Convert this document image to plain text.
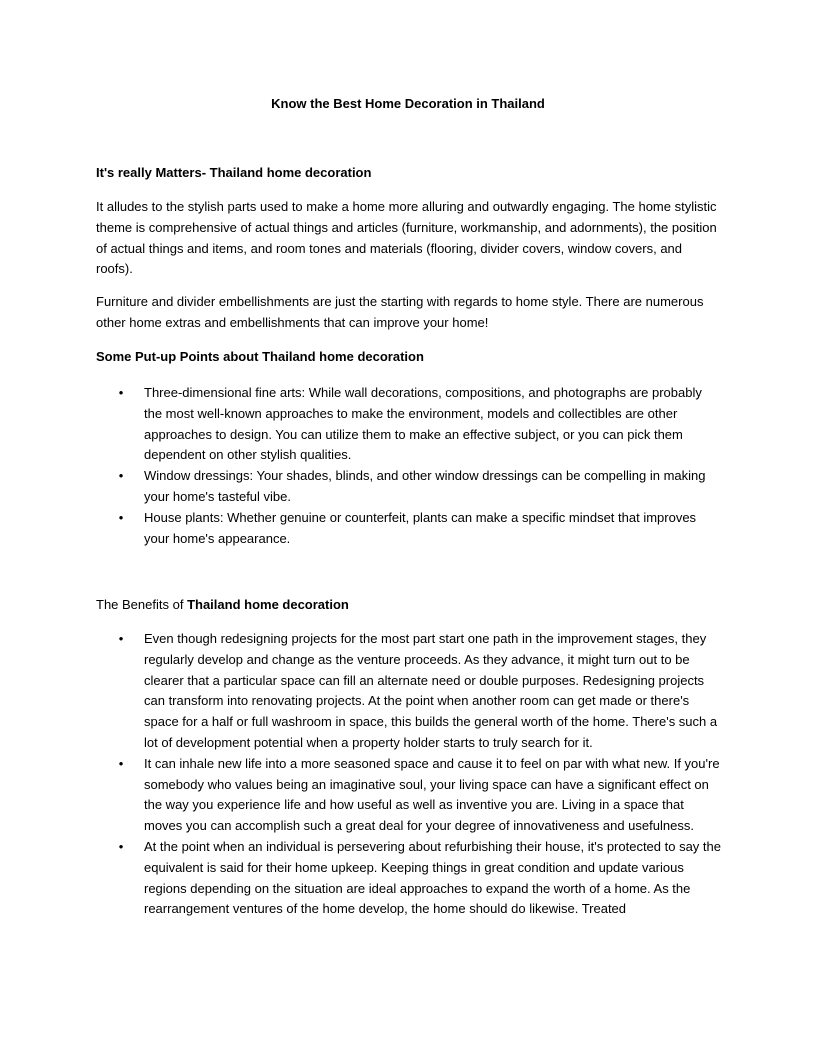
Know the Best Home Decoration in Thailand
It's really Matters- Thailand home decoration

It alludes to the stylish parts used to make a home more alluring and outwardly engaging. The home stylistic theme is comprehensive of actual things and articles (furniture, workmanship, and adornments), the position of actual things and items, and room tones and materials (flooring, divider covers, window covers, and roofs).

Furniture and divider embellishments are just the starting with regards to home style. There are numerous other home extras and embellishments that can improve your home!

Some Put-up Points about Thailand home decoration
• Three-dimensional fine arts: While wall decorations, compositions, and photographs are probably the most well-known approaches to make the environment, models and collectibles are other approaches to design. You can utilize them to make an effective subject, or you can pick them dependent on other stylish qualities.
• Window dressings: Your shades, blinds, and other window dressings can be compelling in making your home's tasteful vibe.
• House plants: Whether genuine or counterfeit, plants can make a specific mindset that improves your home's appearance.
The Benefits of Thailand home decoration
• Even though redesigning projects for the most part start one path in the improvement stages, they regularly develop and change as the venture proceeds. As they advance, it might turn out to be clearer that a particular space can fill an alternate need or double purposes. Redesigning projects can transform into renovating projects. At the point when another room can get made or there's space for a half or full washroom in space, this builds the general worth of the home. There's such a lot of development potential when a property holder starts to truly search for it.
• It can inhale new life into a more seasoned space and cause it to feel on par with what new. If you're somebody who values being an imaginative soul, your living space can have a significant effect on the way you experience life and how useful as well as inventive you are. Living in a space that moves you can accomplish such a great deal for your degree of innovativeness and usefulness.
• At the point when an individual is persevering about refurbishing their house, it's protected to say the equivalent is said for their home upkeep. Keeping things in great condition and update various regions depending on the situation are ideal approaches to expand the worth of a home. As the rearrangement ventures of the home develop, the home should do likewise. Treated
